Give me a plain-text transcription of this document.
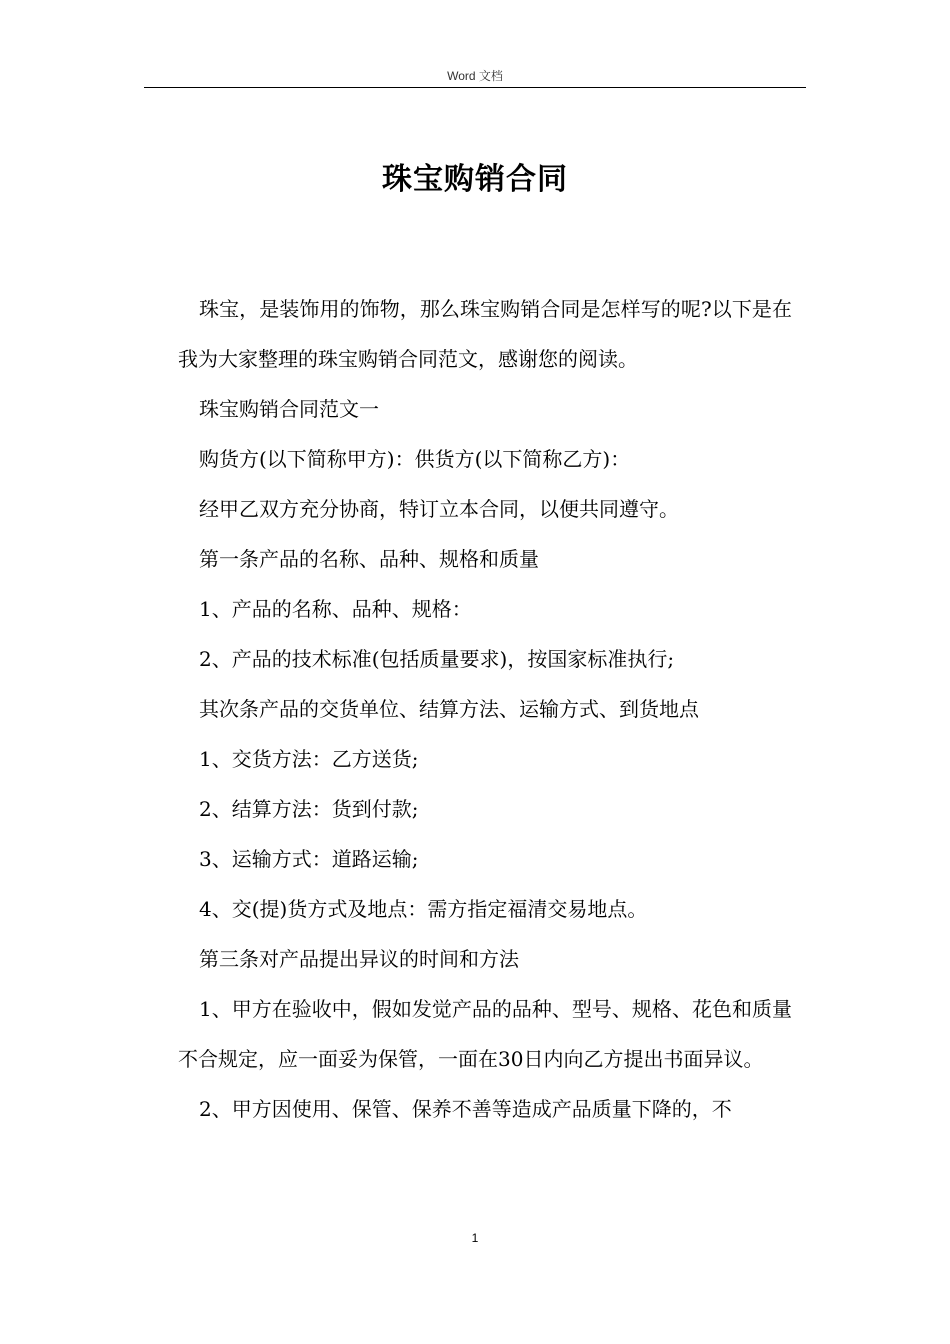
Word 文档
珠宝购销合同

珠宝，是装饰用的饰物，那么珠宝购销合同是怎样写的呢?以下是在我为大家整理的珠宝购销合同范文，感谢您的阅读。

珠宝购销合同范文一

购货方(以下简称甲方)：供货方(以下简称乙方)：

经甲乙双方充分协商，特订立本合同，以便共同遵守。

第一条产品的名称、品种、规格和质量

1、产品的名称、品种、规格：

2、产品的技术标准(包括质量要求)，按国家标准执行;

其次条产品的交货单位、结算方法、运输方式、到货地点

1、交货方法：乙方送货;

2、结算方法：货到付款;

3、运输方式：道路运输;

4、交(提)货方式及地点：需方指定福清交易地点。

第三条对产品提出异议的时间和方法

1、甲方在验收中，假如发觉产品的品种、型号、规格、花色和质量不合规定，应一面妥为保管，一面在30日内向乙方提出书面异议。

2、甲方因使用、保管、保养不善等造成产品质量下降的，不

1
